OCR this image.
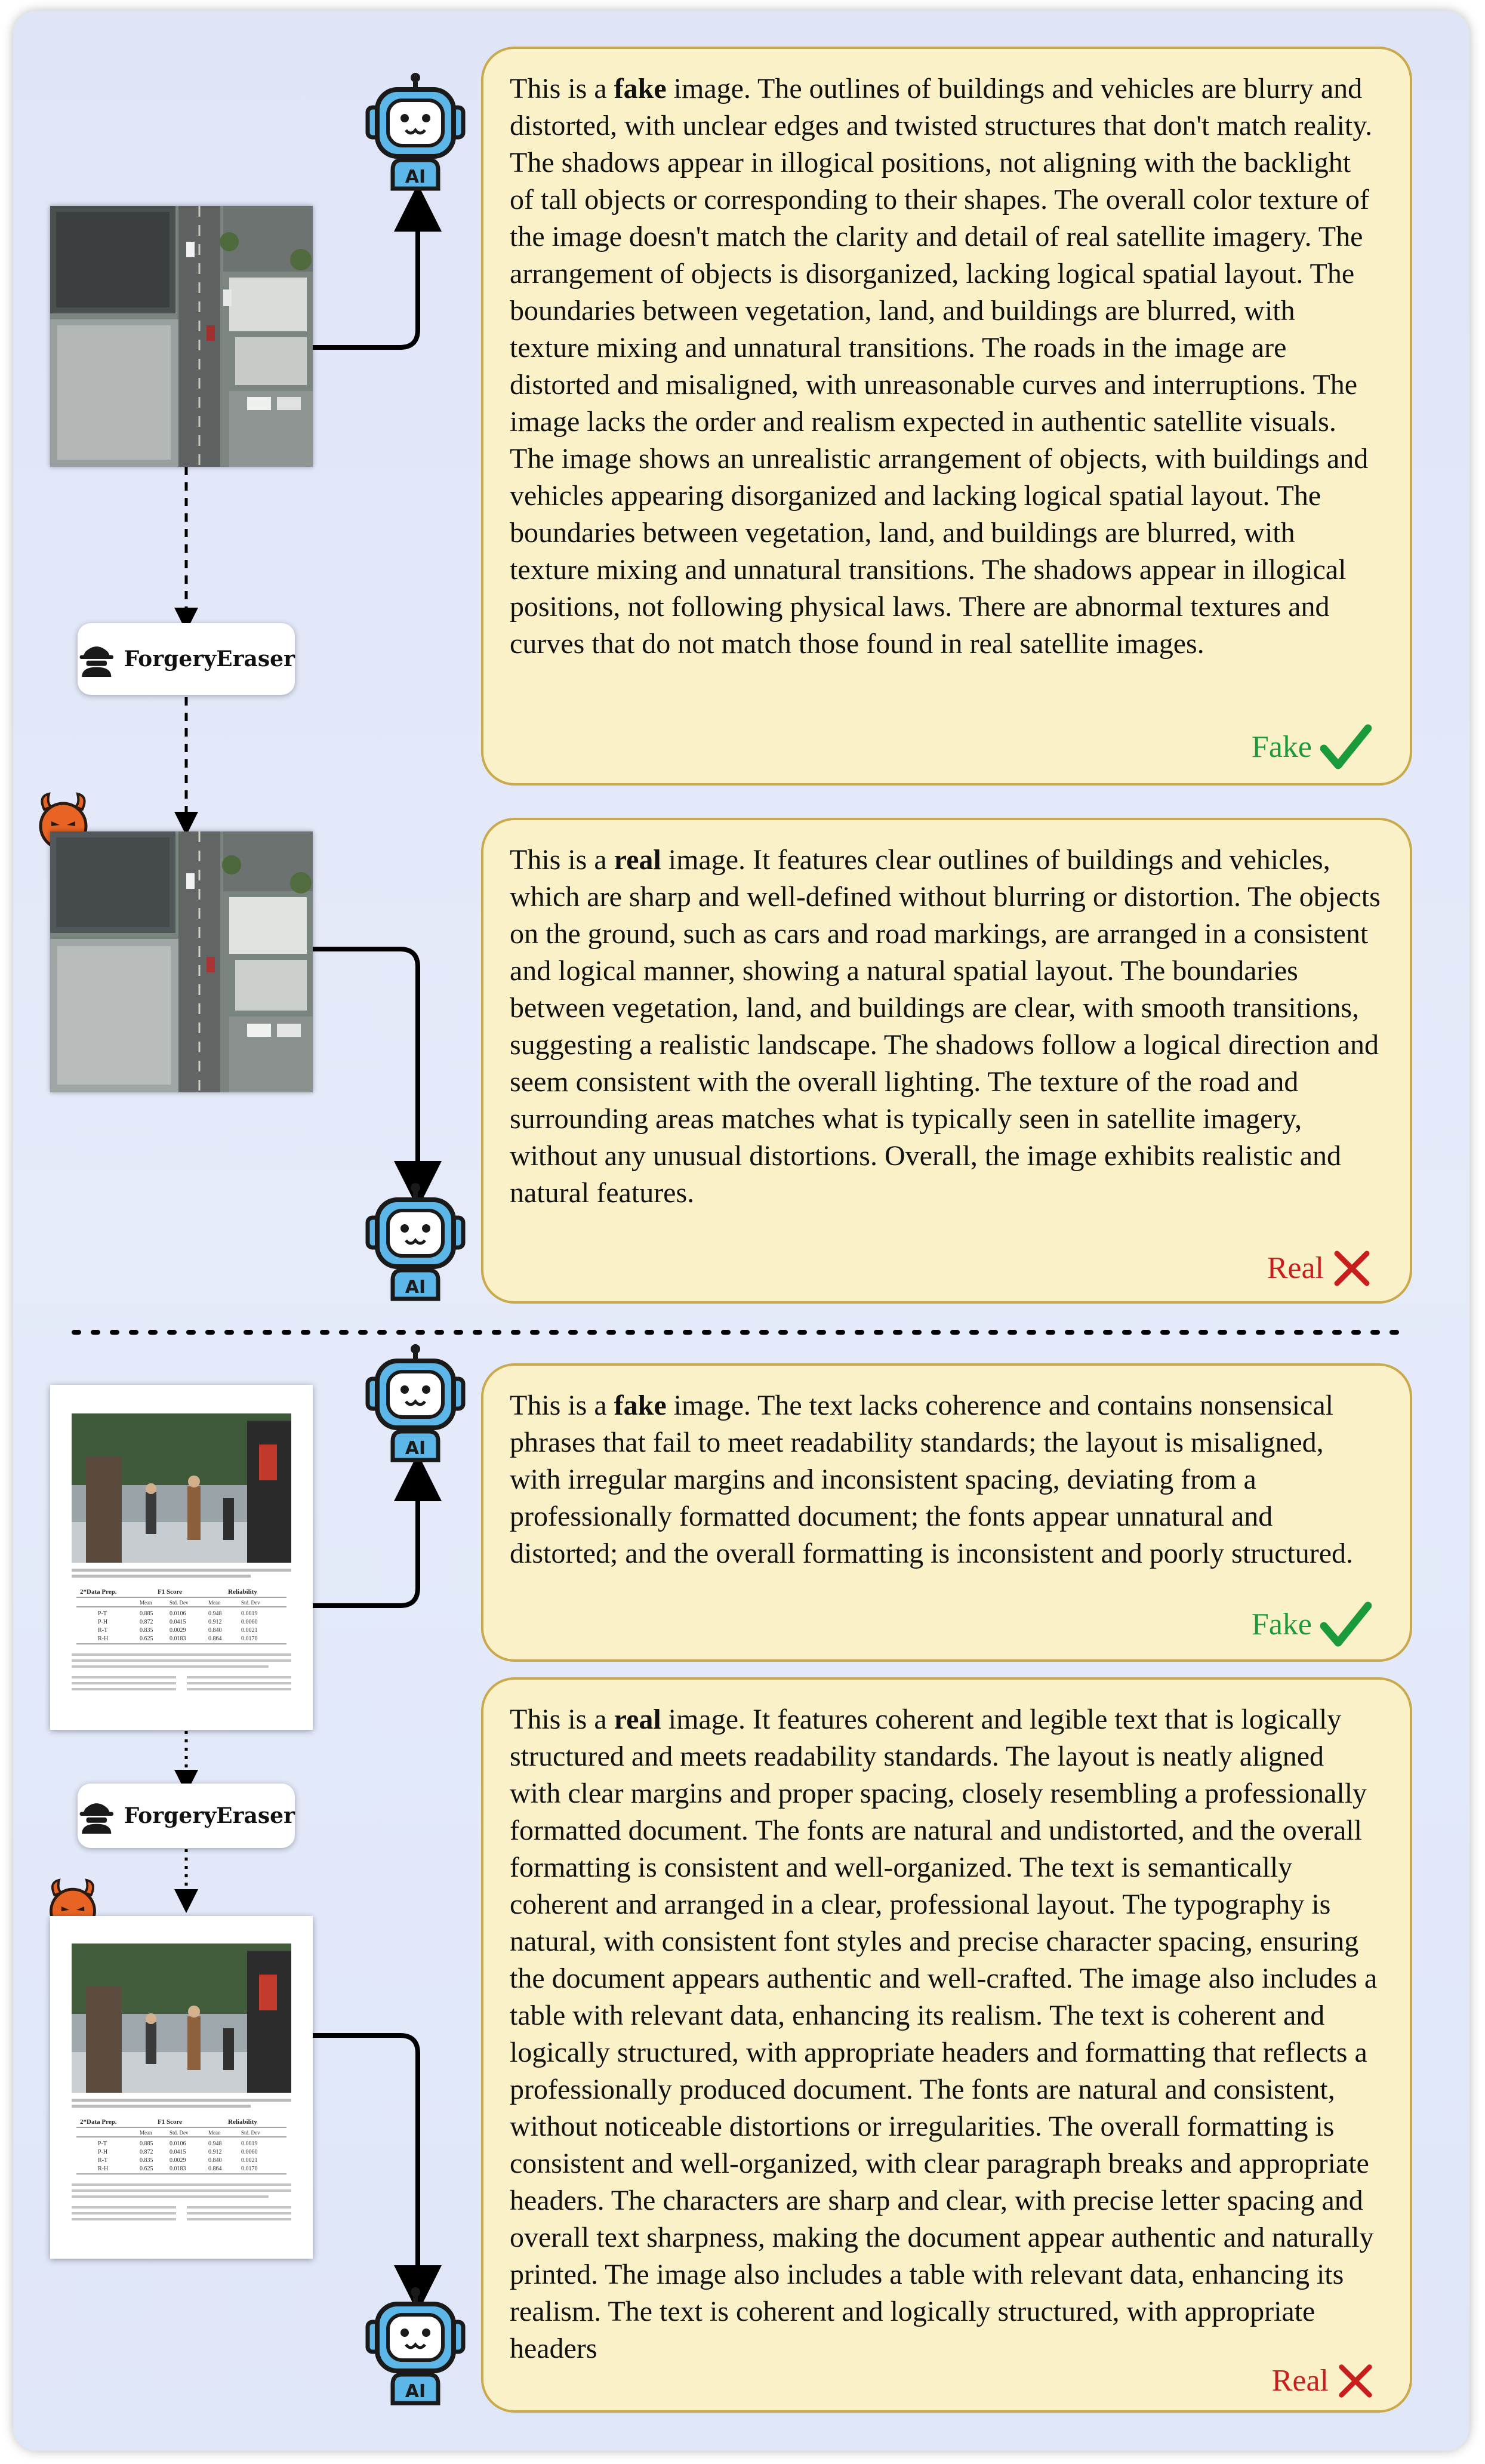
AI

This is a fake image. The outlines of buildings and vehicles are blurry and distorted, with unclear edges and twisted structures that don't match reality. The shadows appear in illogical positions, not aligning with the backlight of tall objects or corresponding to their shapes. The overall color texture of the image doesn't match the clarity and detail of real satellite imagery. The arrangement of objects is disorganized, lacking logical spatial layout. The boundaries between vegetation, land, and buildings are blurred, with texture mixing and unnatural transitions. The roads in the image are distorted and misaligned, with unreasonable curves and interruptions. The image lacks the order and realism expected in authentic satellite visuals. The image shows an unrealistic arrangement of objects, with buildings and vehicles appearing disorganized and lacking logical spatial layout. The boundaries between vegetation, land, and buildings are blurred, with texture mixing and unnatural transitions. The shadows appear in illogical positions, not following physical laws. There are abnormal textures and curves that do not match those found in real satellite images.

Fake
ForgeryEraser

This is a real image. It features clear outlines of buildings and vehicles, which are sharp and well-defined without blurring or distortion. The objects on the ground, such as cars and road markings, are arranged in a consistent and logical manner, showing a natural spatial layout. The boundaries between vegetation, land, and buildings are clear, with smooth transitions, suggesting a realistic landscape. The shadows follow a logical direction and seem consistent with the overall lighting. The texture of the road and surrounding areas matches what is typically seen in satellite imagery, without any unusual distortions. Overall, the image exhibits realistic and natural features.

Real
AI
2*Data Prep.	F1 Score	Reliability
Mean	Std. Dev	Mean	Std. Dev
P-T	0.885	0.0106	0.948	0.0019
P-H	0.872	0.0415	0.912	0.0060
R-T	0.835	0.0029	0.840	0.0021
R-H	0.625	0.0183	0.864	0.0170
AI

This is a fake image. The text lacks coherence and contains nonsensical phrases that fail to meet readability standards; the layout is misaligned, with irregular margins and inconsistent spacing, deviating from a professionally formatted document; the fonts appear unnatural and distorted; and the overall formatting is inconsistent and poorly structured.

Fake
ForgeryEraser
2*Data Prep.	F1 Score	Reliability
Mean	Std. Dev	Mean	Std. Dev
P-T	0.885	0.0106	0.948	0.0019
P-H	0.872	0.0415	0.912	0.0060
R-T	0.835	0.0029	0.840	0.0021
R-H	0.625	0.0183	0.864	0.0170

This is a real image. It features coherent and legible text that is logically structured and meets readability standards. The layout is neatly aligned with clear margins and proper spacing, closely resembling a professionally formatted document. The fonts are natural and undistorted, and the overall formatting is consistent and well-organized. The text is semantically coherent and arranged in a clear, professional layout. The typography is natural, with consistent font styles and precise character spacing, ensuring the document appears authentic and well-crafted. The image also includes a table with relevant data, enhancing its realism. The text is coherent and logically structured, with appropriate headers and formatting that reflects a professionally produced document. The fonts are natural and consistent, without noticeable distortions or irregularities. The overall formatting is consistent and well-organized, with clear paragraph breaks and appropriate headers. The characters are sharp and clear, with precise letter spacing and overall text sharpness, making the document appear authentic and naturally printed. The image also includes a table with relevant data, enhancing its realism. The text is coherent and logically structured, with appropriate headers

Real
AI
